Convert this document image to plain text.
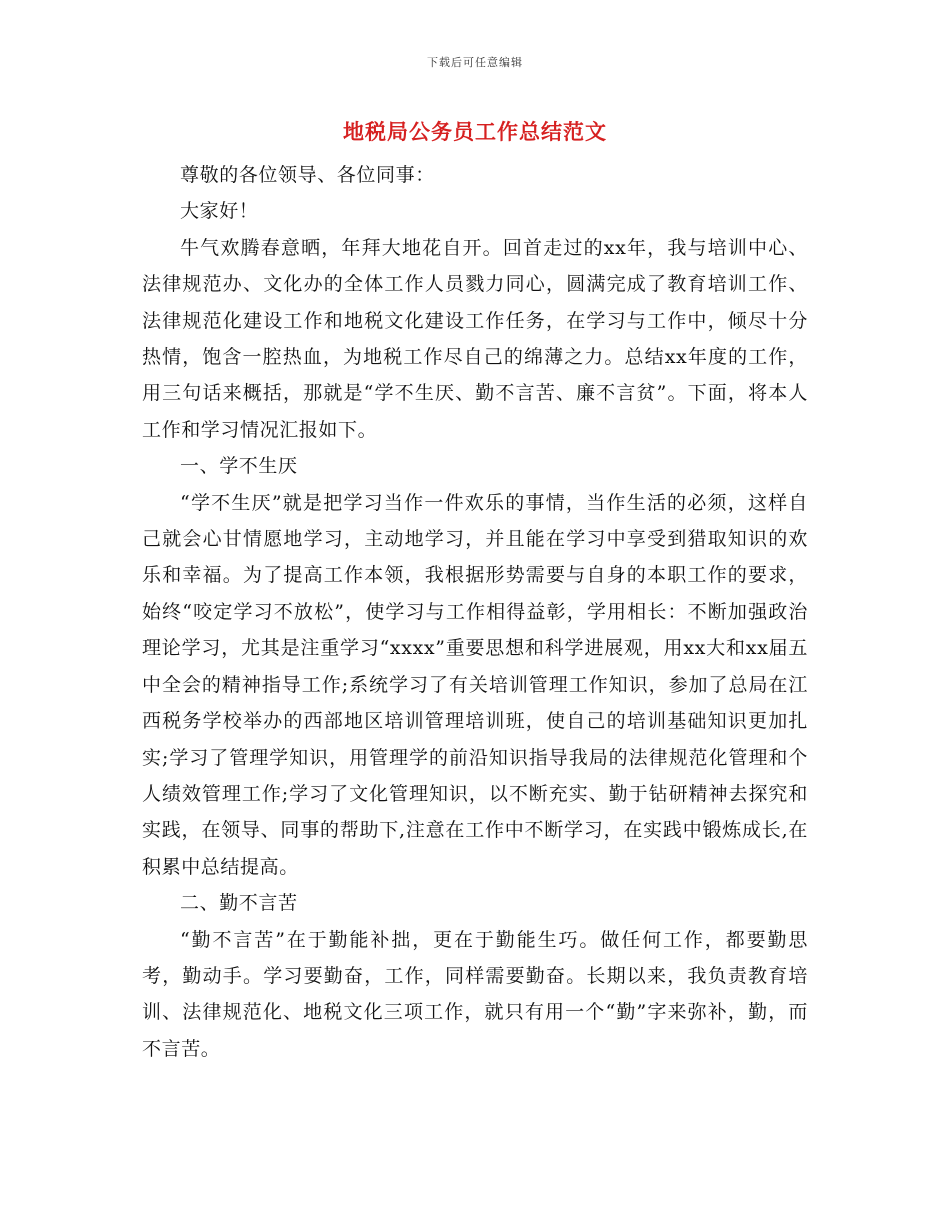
下载后可任意编辑
地税局公务员工作总结范文

尊敬的各位领导、各位同事：

大家好！

牛气欢腾春意晒，年拜大地花自开。回首走过的xx年，我与培训中心、法律规范办、文化办的全体工作人员戮力同心，圆满完成了教育培训工作、法律规范化建设工作和地税文化建设工作任务，在学习与工作中，倾尽十分热情，饱含一腔热血，为地税工作尽自己的绵薄之力。总结xx年度的工作，用三句话来概括，那就是“学不生厌、勤不言苦、廉不言贫”。下面，将本人工作和学习情况汇报如下。

一、学不生厌

“学不生厌”就是把学习当作一件欢乐的事情，当作生活的必须，这样自己就会心甘情愿地学习，主动地学习，并且能在学习中享受到猎取知识的欢乐和幸福。为了提高工作本领，我根据形势需要与自身的本职工作的要求，始终“咬定学习不放松”，使学习与工作相得益彰，学用相长：不断加强政治理论学习，尤其是注重学习“xxxx”重要思想和科学进展观，用xx大和xx届五中全会的精神指导工作;系统学习了有关培训管理工作知识，参加了总局在江西税务学校举办的西部地区培训管理培训班，使自己的培训基础知识更加扎实;学习了管理学知识，用管理学的前沿知识指导我局的法律规范化管理和个人绩效管理工作;学习了文化管理知识，以不断充实、勤于钻研精神去探究和实践，在领导、同事的帮助下,注意在工作中不断学习，在实践中锻炼成长,在积累中总结提高。

二、勤不言苦

“勤不言苦”在于勤能补拙，更在于勤能生巧。做任何工作，都要勤思考，勤动手。学习要勤奋，工作，同样需要勤奋。长期以来，我负责教育培训、法律规范化、地税文化三项工作，就只有用一个“勤”字来弥补，勤，而不言苦。
